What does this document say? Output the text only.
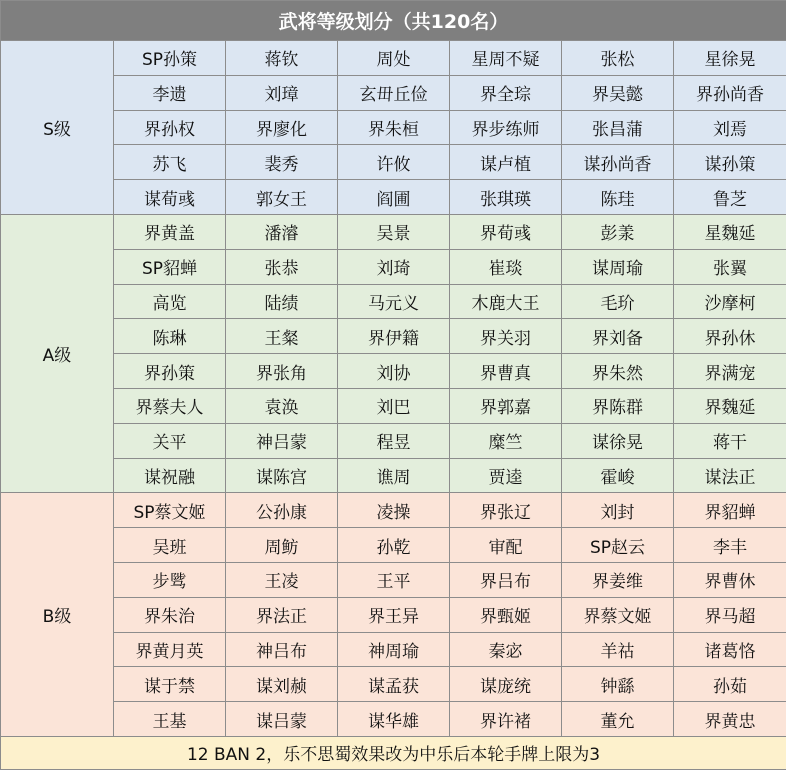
武将等级划分（共120名）						
S级	SP孙策	蒋钦	周处	星周不疑	张松	星徐晃
	李遗	刘璋	玄毌丘俭	界全琮	界吴懿	界孙尚香
	界孙权	界廖化	界朱桓	界步练师	张昌蒲	刘焉
	苏飞	裴秀	许攸	谋卢植	谋孙尚香	谋孙策
	谋荀彧	郭女王	阎圃	张琪瑛	陈珪	鲁芝
A级	界黄盖	潘濬	吴景	界荀彧	彭羕	星魏延
	SP貂蝉	张恭	刘琦	崔琰	谋周瑜	张翼
	高览	陆绩	马元义	木鹿大王	毛玠	沙摩柯
	陈琳	王粲	界伊籍	界关羽	界刘备	界孙休
	界孙策	界张角	刘协	界曹真	界朱然	界满宠
	界蔡夫人	袁涣	刘巴	界郭嘉	界陈群	界魏延
	关平	神吕蒙	程昱	糜竺	谋徐晃	蒋干
	谋祝融	谋陈宫	谯周	贾逵	霍峻	谋法正
B级	SP蔡文姬	公孙康	凌操	界张辽	刘封	界貂蝉
	吴班	周鲂	孙乾	审配	SP赵云	李丰
	步骘	王凌	王平	界吕布	界姜维	界曹休
	界朱治	界法正	界王异	界甄姬	界蔡文姬	界马超
	界黄月英	神吕布	神周瑜	秦宓	羊祜	诸葛恪
	谋于禁	谋刘赪	谋孟获	谋庞统	钟繇	孙茹
	王基	谋吕蒙	谋华雄	界许褚	董允	界黄忠
12 BAN 2，乐不思蜀效果改为中乐后本轮手牌上限为3						
